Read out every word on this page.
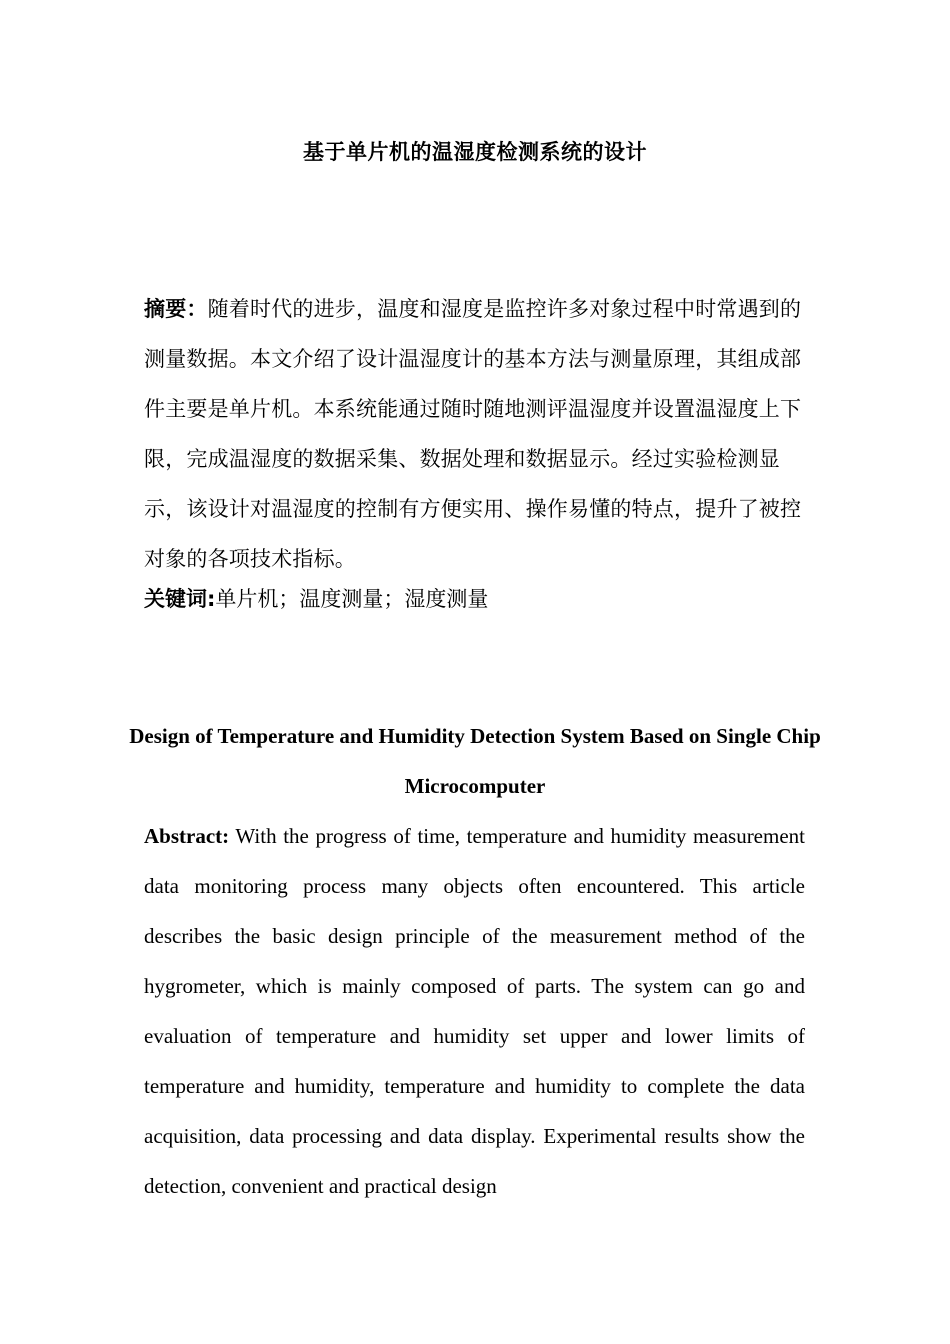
基于单片机的温湿度检测系统的设计
摘要：随着时代的进步，温度和湿度是监控许多对象过程中时常遇到的测量数据。本文介绍了设计温湿度计的基本方法与测量原理，其组成部件主要是单片机。本系统能通过随时随地测评温湿度并设置温湿度上下限，完成温湿度的数据采集、数据处理和数据显示。经过实验检测显示，该设计对温湿度的控制有方便实用、操作易懂的特点，提升了被控对象的各项技术指标。
关键词:单片机；温度测量；湿度测量
Design of Temperature and Humidity Detection System Based on Single Chip Microcomputer
Abstract: With the progress of time, temperature and humidity measurement data monitoring process many objects often encountered. This article describes the basic design principle of the measurement method of the hygrometer, which is mainly composed of parts. The system can go and evaluation of temperature and humidity set upper and lower limits of temperature and humidity, temperature and humidity to complete the data acquisition, data processing and data display. Experimental results show the detection, convenient and practical design
